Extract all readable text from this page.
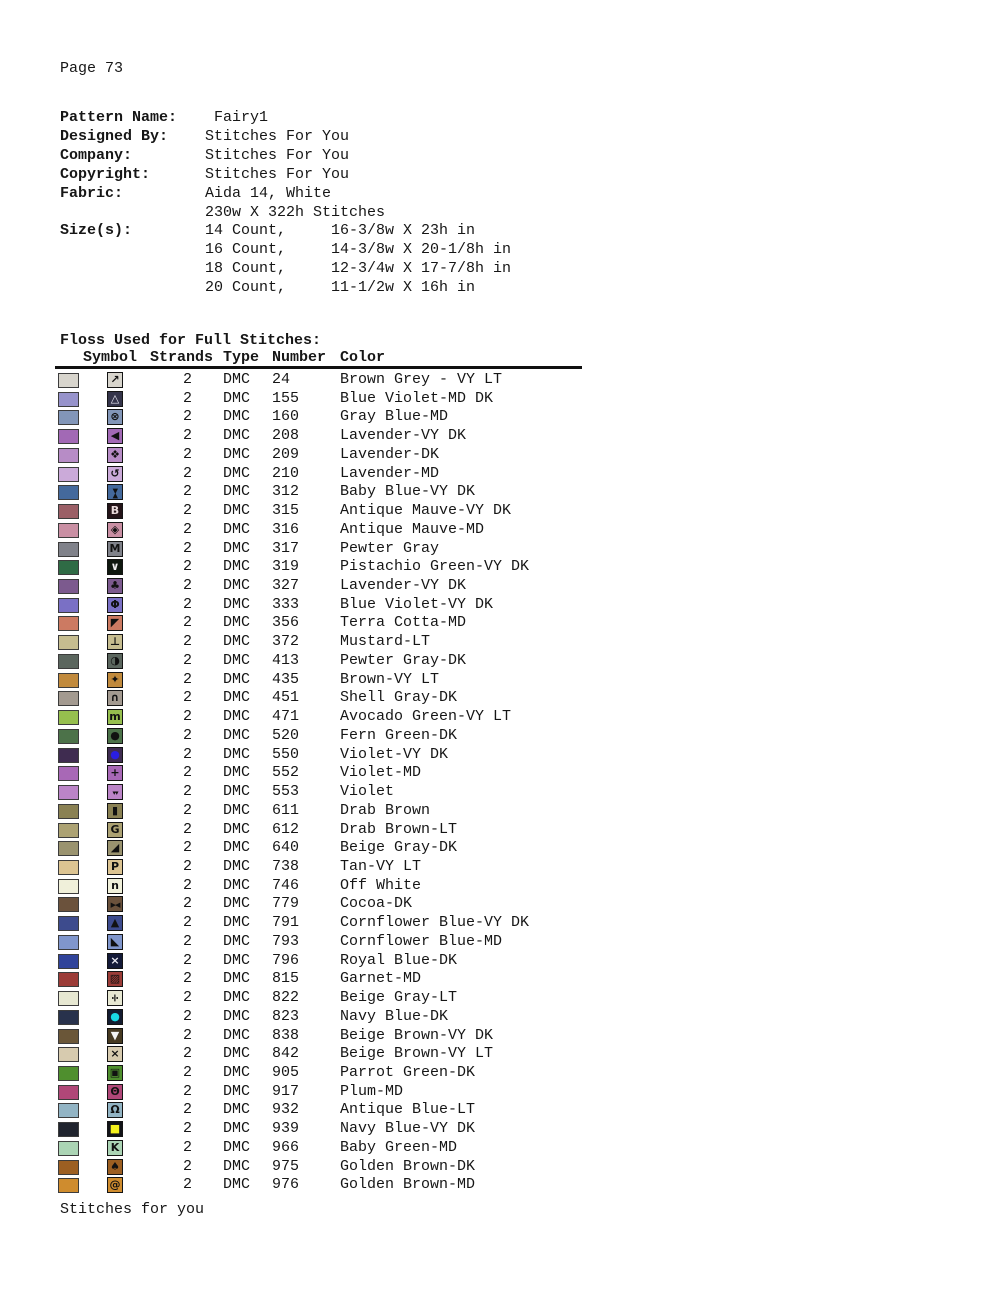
Page 73
Pattern Name: Fairy1
Designed By: Stitches For You
Company:	Stitches For You
Copyright:	Stitches For You
Fabric:	Aida 14, White
230w X 322h Stitches
Size(s):	14 Count,     16-3/8w X 23h in
16 Count,     14-3/8w X 20-1/8h in
18 Count,     12-3/4w X 17-7/8h in
20 Count,     11-1/2w X 16h in
Floss Used for Full Stitches:
Symbol Strands Type Number Color
↗	2 DMC 24	Brown Grey - VY LT
△	2 DMC 155	Blue Violet-MD DK
⊗	2 DMC 160	Gray Blue-MD
◀	2 DMC 208	Lavender-VY DK
❖	2 DMC 209	Lavender-DK
↺	2 DMC 210	Lavender-MD
▶◀	2 DMC 312	Baby Blue-VY DK
B	2 DMC 315	Antique Mauve-VY DK
◈	2 DMC 316	Antique Mauve-MD
M	2 DMC 317	Pewter Gray
∨	2 DMC 319	Pistachio Green-VY DK
♣	2 DMC 327	Lavender-VY DK
Φ	2 DMC 333	Blue Violet-VY DK
◤	2 DMC 356	Terra Cotta-MD
⊥	2 DMC 372	Mustard-LT
◑	2 DMC 413	Pewter Gray-DK
✦	2 DMC 435	Brown-VY LT
∩	2 DMC 451	Shell Gray-DK
m	2 DMC 471	Avocado Green-VY LT
●	2 DMC 520	Fern Green-DK
●	2 DMC 550	Violet-VY DK
+	2 DMC 552	Violet-MD
▾▾	2 DMC 553	Violet
▮	2 DMC 611	Drab Brown
G	2 DMC 612	Drab Brown-LT
◢	2 DMC 640	Beige Gray-DK
P	2 DMC 738	Tan-VY LT
n	2 DMC 746	Off White
▶◀	2 DMC 779	Cocoa-DK
▲	2 DMC 791	Cornflower Blue-VY DK
◣	2 DMC 793	Cornflower Blue-MD
×	2 DMC 796	Royal Blue-DK
▨	2 DMC 815	Garnet-MD
÷	2 DMC 822	Beige Gray-LT
●	2 DMC 823	Navy Blue-DK
▼	2 DMC 838	Beige Brown-VY DK
×	2 DMC 842	Beige Brown-VY LT
▣	2 DMC 905	Parrot Green-DK
Θ	2 DMC 917	Plum-MD
Ω	2 DMC 932	Antique Blue-LT
■	2 DMC 939	Navy Blue-VY DK
K	2 DMC 966	Baby Green-MD
♠	2 DMC 975	Golden Brown-DK
@	2 DMC 976	Golden Brown-MD
Stitches for you
